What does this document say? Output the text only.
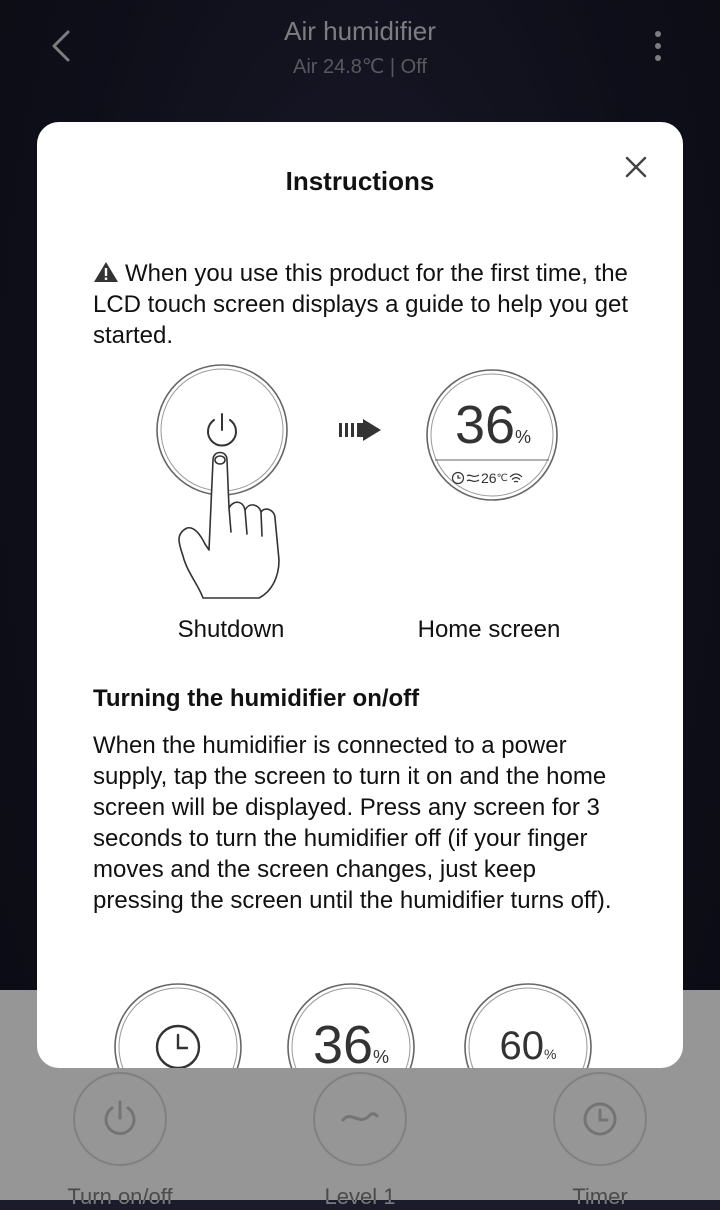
Air humidifier
Air 24.8℃ | Off
Turn on/off	Level 1	Timer
Instructions
When you use this product for the first time, the LCD touch screen displays a guide to help you get started.
36%
26 ℃
Shutdown	Home screen
Turning the humidifier on/off
When the humidifier is connected to a power supply, tap the screen to turn it on and the home screen will be displayed. Press any screen for 3 seconds to turn the humidifier off (if your finger moves and the screen changes, just keep pressing the screen until the humidifier turns off).
36%	60%
